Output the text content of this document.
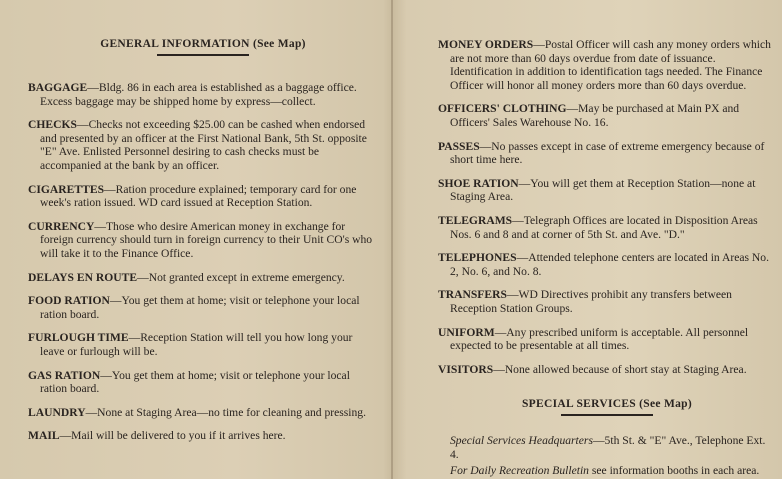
GENERAL INFORMATION (See Map)

BAGGAGE—Bldg. 86 in each area is established as a baggage office. Excess baggage may be shipped home by express—collect.

CHECKS—Checks not exceeding $25.00 can be cashed when endorsed and presented by an officer at the First National Bank, 5th St. opposite "E" Ave. Enlisted Personnel desiring to cash checks must be accompanied at the bank by an officer.

CIGARETTES—Ration procedure explained; temporary card for one week's ration issued. WD card issued at Reception Station.

CURRENCY—Those who desire American money in exchange for foreign currency should turn in foreign currency to their Unit CO's who will take it to the Finance Office.

DELAYS EN ROUTE—Not granted except in extreme emergency.

FOOD RATION—You get them at home; visit or telephone your local ration board.

FURLOUGH TIME—Reception Station will tell you how long your leave or furlough will be.

GAS RATION—You get them at home; visit or telephone your local ration board.

LAUNDRY—None at Staging Area—no time for cleaning and pressing.

MAIL—Mail will be delivered to you if it arrives here.

MONEY ORDERS—Postal Officer will cash any money orders which are not more than 60 days overdue from date of issuance. Identification in addition to identification tags needed. The Finance Officer will honor all money orders more than 60 days overdue.

OFFICERS' CLOTHING—May be purchased at Main PX and Officers' Sales Warehouse No. 16.

PASSES—No passes except in case of extreme emergency because of short time here.

SHOE RATION—You will get them at Reception Station—none at Staging Area.

TELEGRAMS—Telegraph Offices are located in Disposition Areas Nos. 6 and 8 and at corner of 5th St. and Ave. "D."

TELEPHONES—Attended telephone centers are located in Areas No. 2, No. 6, and No. 8.

TRANSFERS—WD Directives prohibit any transfers between Reception Station Groups.

UNIFORM—Any prescribed uniform is acceptable. All personnel expected to be presentable at all times.

VISITORS—None allowed because of short stay at Staging Area.

SPECIAL SERVICES (See Map)

Special Services Headquarters—5th St. & "E" Ave., Telephone Ext. 4.

For Daily Recreation Bulletin see information booths in each area.
